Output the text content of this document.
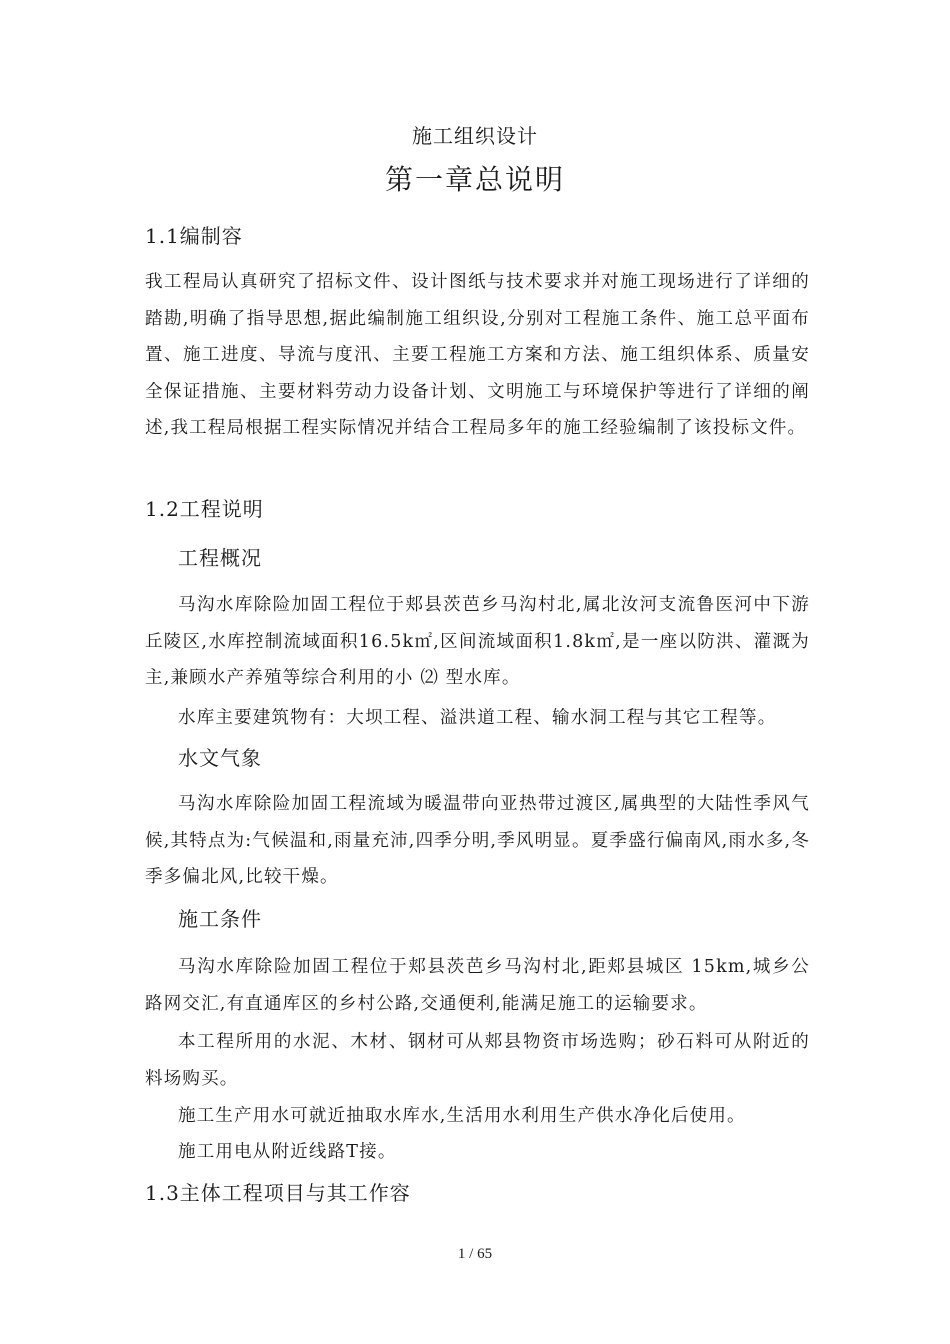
施工组织设计
第一章总说明
1.1编制容
我工程局认真研究了招标文件、设计图纸与技术要求并对施工现场进行了详细的踏勘,明确了指导思想,据此编制施工组织设,分别对工程施工条件、施工总平面布置、施工进度、导流与度汛、主要工程施工方案和方法、施工组织体系、质量安全保证措施、主要材料劳动力设备计划、文明施工与环境保护等进行了详细的阐述,我工程局根据工程实际情况并结合工程局多年的施工经验编制了该投标文件。
1.2工程说明
工程概况
马沟水库除险加固工程位于郏县茨芭乡马沟村北,属北汝河支流鲁医河中下游丘陵区,水库控制流域面积16.5k㎡,区间流域面积1.8k㎡,是一座以防洪、灌溉为主,兼顾水产养殖等综合利用的小 ⑵ 型水库。
水库主要建筑物有：大坝工程、溢洪道工程、输水洞工程与其它工程等。
水文气象
马沟水库除险加固工程流域为暖温带向亚热带过渡区,属典型的大陆性季风气候,其特点为:气候温和,雨量充沛,四季分明,季风明显。夏季盛行偏南风,雨水多,冬季多偏北风,比较干燥。
施工条件
马沟水库除险加固工程位于郏县茨芭乡马沟村北,距郏县城区 15km,城乡公路网交汇,有直通库区的乡村公路,交通便利,能满足施工的运输要求。
本工程所用的水泥、木材、钢材可从郏县物资市场选购；砂石料可从附近的料场购买。
施工生产用水可就近抽取水库水,生活用水利用生产供水净化后使用。
施工用电从附近线路T接。
1.3主体工程项目与其工作容
1 / 65
